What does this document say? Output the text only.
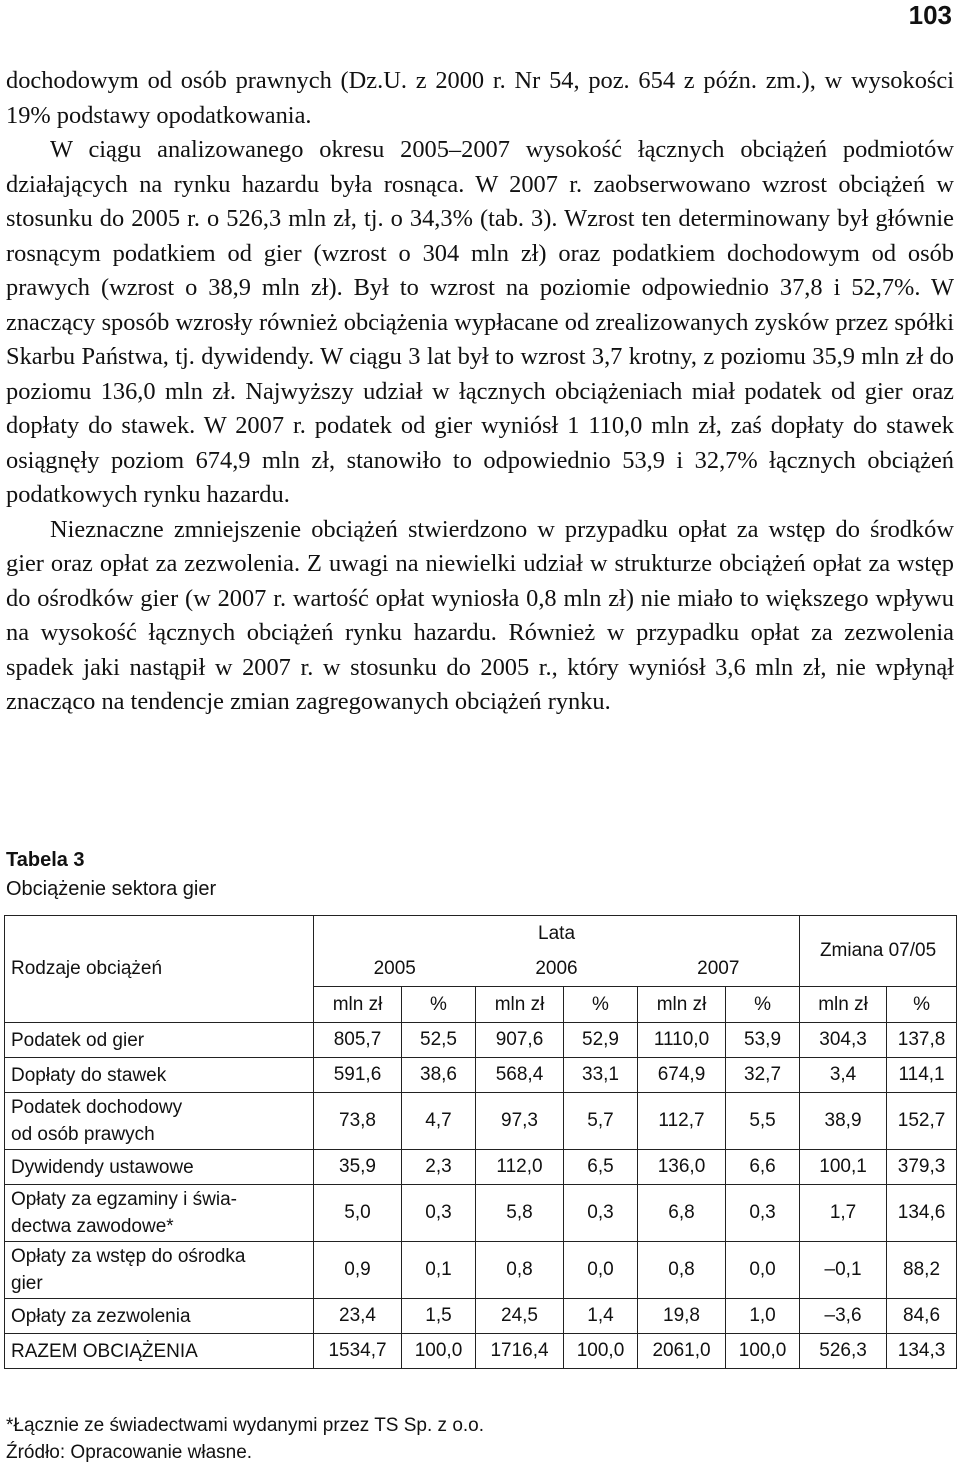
103

dochodowym od osób prawnych (Dz.U. z 2000 r. Nr 54, poz. 654 z późn. zm.), w wysokości 19% podstawy opodatkowania.

W ciągu analizowanego okresu 2005–2007 wysokość łącznych obciążeń podmiotów działających na rynku hazardu była rosnąca. W 2007 r. zaobserwowano wzrost obciążeń w stosunku do 2005 r. o 526,3 mln zł, tj. o 34,3% (tab. 3). Wzrost ten determinowany był głównie rosnącym podatkiem od gier (wzrost o 304 mln zł) oraz podatkiem dochodowym od osób prawych (wzrost o 38,9 mln zł). Był to wzrost na poziomie odpowiednio 37,8 i 52,7%. W znaczący sposób wzrosły również obciążenia wypłacane od zrealizowanych zysków przez spółki Skarbu Państwa, tj. dywidendy. W ciągu 3 lat był to wzrost 3,7 krotny, z poziomu 35,9 mln zł do poziomu 136,0 mln zł. Najwyższy udział w łącznych obciążeniach miał podatek od gier oraz dopłaty do stawek. W 2007 r. podatek od gier wyniósł 1 110,0 mln zł, zaś dopłaty do stawek osiągnęły poziom 674,9 mln zł, stanowiło to odpowiednio 53,9 i 32,7% łącznych obciążeń podatkowych rynku hazardu.

Nieznaczne zmniejszenie obciążeń stwierdzono w przypadku opłat za wstęp do środków gier oraz opłat za zezwolenia. Z uwagi na niewielki udział w strukturze obciążeń opłat za wstęp do ośrodków gier (w 2007 r. wartość opłat wyniosła 0,8 mln zł) nie miało to większego wpływu na wysokość łącznych obciążeń rynku hazardu. Również w przypadku opłat za zezwolenia spadek jaki nastąpił w 2007 r. w stosunku do 2005 r., który wyniósł 3,6 mln zł, nie wpłynął znacząco na tendencje zmian zagregowanych obciążeń rynku.

Tabela 3
Obciążenie sektora gier
	Lata						Zmiana 07/05	
Rodzaje obciążeń	2005		2006		2007			
	mln zł	%	mln zł	%	mln zł	%	mln zł	%
Podatek od gier	805,7	52,5	907,6	52,9	1110,0	53,9	304,3	137,8
Dopłaty do stawek	591,6	38,6	568,4	33,1	674,9	32,7	3,4	114,1
Podatek dochodowy
od osób prawych	73,8	4,7	97,3	5,7	112,7	5,5	38,9	152,7
Dywidendy ustawowe	35,9	2,3	112,0	6,5	136,0	6,6	100,1	379,3
Opłaty za egzaminy i świa-
dectwa zawodowe*	5,0	0,3	5,8	0,3	6,8	0,3	1,7	134,6
Opłaty za wstęp do ośrodka
gier	0,9	0,1	0,8	0,0	0,8	0,0	–0,1	88,2
Opłaty za zezwolenia	23,4	1,5	24,5	1,4	19,8	1,0	–3,6	84,6
RAZEM OBCIĄŻENIA	1534,7	100,0	1716,4	100,0	2061,0	100,0	526,3	134,3
*Łącznie ze świadectwami wydanymi przez TS Sp. z o.o.
Źródło: Opracowanie własne.
